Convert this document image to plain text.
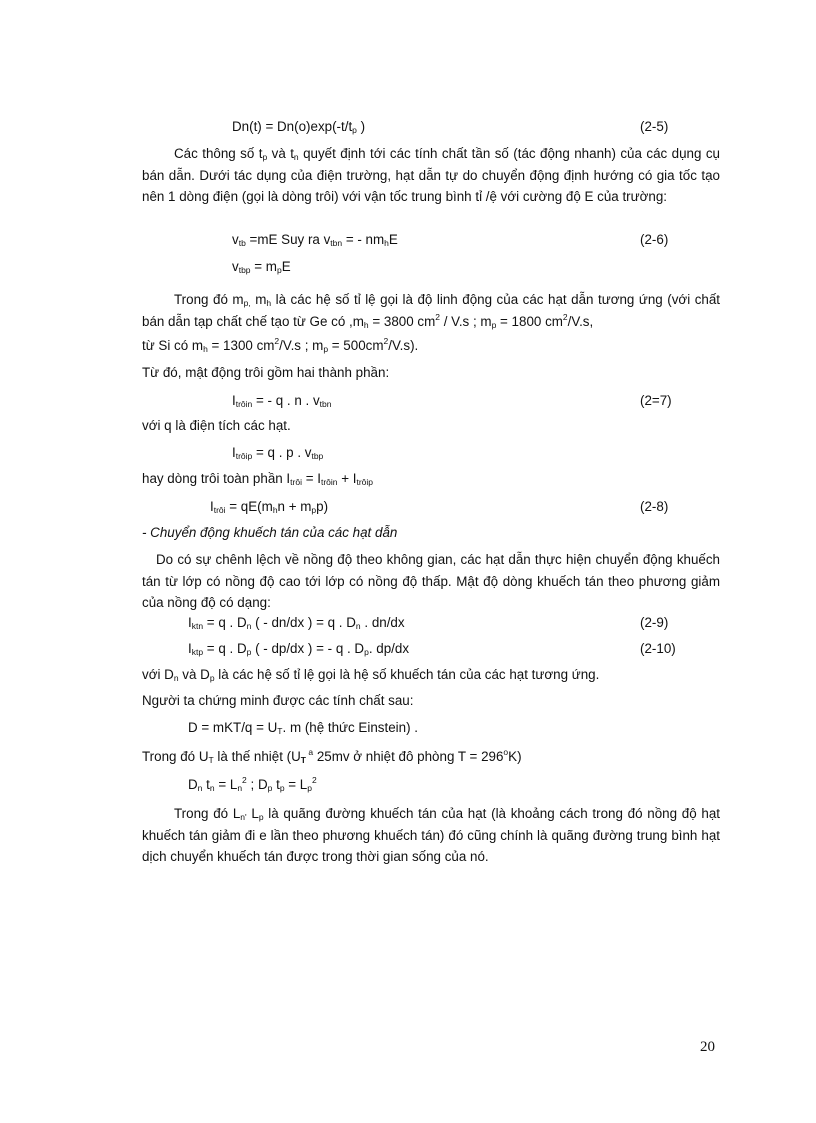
$Dn(t) = Dn(o)\exp(-t/t_p$ )	(2-5)
Các thông số $t_p$ và $t_n$ quyết định tới các tính chất tần số (tác động nhanh) của các dụng cụ bán dẫn. Dưới tác dụng của điện trường, hạt dẫn tự do chuyển động định hướng có gia tốc tạo nên 1 dòng điện (gọi là dòng trôi) với vận tốc trung bình tỉ /ệ với cường độ E của trường:
$v_{tb} =mE$ Suy ra $v_{tbn}$ = - $nm_hE$	(2-6)
$v_{tbp} = m_pE$
Trong đó $m_{p,}$ $m_h$ là các hệ số tỉ lệ gọi là độ linh động của các hạt dẫn tương ứng (với chất bán dẫn tạp chất chế tạo từ Ge có $,m_h = 3800$ $cm^2 / V.s$ ; $m_p = 1800$ $cm^2/V.s$,
từ Si có $m_h = 1300$ $cm^2/V.s$ ; $m_p = 500cm^2/V.s$).
Từ đó, mật động trôi gồm hai thành phần:
$I_{trôin}$ = - q . n . $v_{tbn}$	(2=7)
với q là điện tích các hạt.
$I_{trôip} = q$ . p . $v_{tbp}$
hay dòng trôi toàn phần $I_{trôi} = I_{trôin} + I_{trôip}$
$I_{trôi} = qE(m_hn + m_pp)$	(2-8)
- Chuyển động khuếch tán của các hạt dẫn
Do có sự chênh lệch về nồng độ theo không gian, các hạt dẫn thực hiện chuyển động khuếch tán từ lớp có nồng độ cao tới lớp có nồng độ thấp. Mật độ dòng khuếch tán theo phương giảm của nồng độ có dạng:
$I_{ktn} = q$ . $D_n$ ( - dn/dx ) = q . $D_n$ . dn/dx	(2-9)
$I_{ktp} = q$ . $D_p$ ( - dp/dx ) = - q . $D_p$. dp/dx	(2-10)
với $D_n$ và $D_p$ là các hệ số tỉ lệ gọi là hệ số khuếch tán của các hạt tương ứng.
Người ta chứng minh được các tính chất sau:
$D = mKT/q = U_T$. m (hệ thức Einstein) .
Trong đó $U_T$ là thế nhiệt ($U_T$ $^a$ 25mv ở nhiệt đô phòng $T = 296^oK$)
$D_n$ $t_n = L_n^2$ ; $D_p$ $t_p = L_p^2$
Trong đó $L_{n'}$ $L_p$ là quãng đường khuếch tán của hạt (là khoảng cách trong đó nồng độ hạt khuếch tán giảm đi e lần theo phương khuếch tán) đó cũng chính là quãng đường trung bình hạt dịch chuyển khuếch tán được trong thời gian sống của nó.
20
